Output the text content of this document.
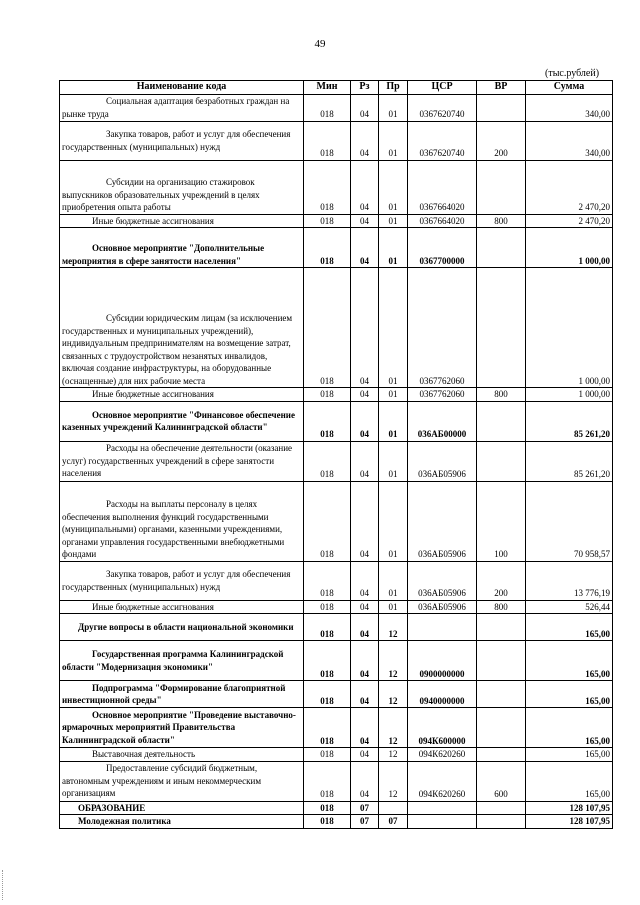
49
(тыс.рублей)
Наименование кода	Мин	Рз	Пр	ЦСР	ВР	Сумма
Социальная адаптация безработных граждан на рынке труда	018	04	01	0367620740		340,00
Закупка товаров, работ и услуг для обеспечения государственных (муниципальных) нужд	018	04	01	0367620740	200	340,00
Субсидии на организацию стажировок выпускников образовательных учреждений в целях приобретения опыта работы	018	04	01	0367664020		2 470,20
Иные бюджетные ассигнования	018	04	01	0367664020	800	2 470,20
Основное мероприятие "Дополнительные мероприятия в сфере занятости населения"	018	04	01	0367700000		1 000,00
Субсидии юридическим лицам (за исключением государственных и муниципальных учреждений), индивидуальным предпринимателям на возмещение затрат, связанных с трудоустройством незанятых инвалидов, включая создание инфраструктуры, на оборудованные (оснащенные) для них рабочие места	018	04	01	0367762060		1 000,00
Иные бюджетные ассигнования	018	04	01	0367762060	800	1 000,00
Основное мероприятие "Финансовое обеспечение казенных учреждений Калининградской области"	018	04	01	036АБ00000		85 261,20
Расходы на обеспечение деятельности (оказание услуг) государственных учреждений в сфере занятости населения	018	04	01	036АБ05906		85 261,20
Расходы на выплаты персоналу в целях обеспечения выполнения функций государственными (муниципальными) органами, казенными учреждениями, органами управления государственными внебюджетными фондами	018	04	01	036АБ05906	100	70 958,57
Закупка товаров, работ и услуг для обеспечения государственных (муниципальных) нужд	018	04	01	036АБ05906	200	13 776,19
Иные бюджетные ассигнования	018	04	01	036АБ05906	800	526,44
Другие вопросы в области национальной экономики	018	04	12			165,00
Государственная программа Калининградской области "Модернизация экономики"	018	04	12	0900000000		165,00
Подпрограмма "Формирование благоприятной инвестиционной среды"	018	04	12	0940000000		165,00
Основное мероприятие "Проведение выставочно-ярмарочных мероприятий Правительства Калининградской области"	018	04	12	094К600000		165,00
Выставочная деятельность	018	04	12	094К620260		165,00
Предоставление субсидий бюджетным, автономным учреждениям и иным некоммерческим организациям	018	04	12	094К620260	600	165,00
ОБРАЗОВАНИЕ	018	07				128 107,95
Молодежная политика	018	07	07			128 107,95
